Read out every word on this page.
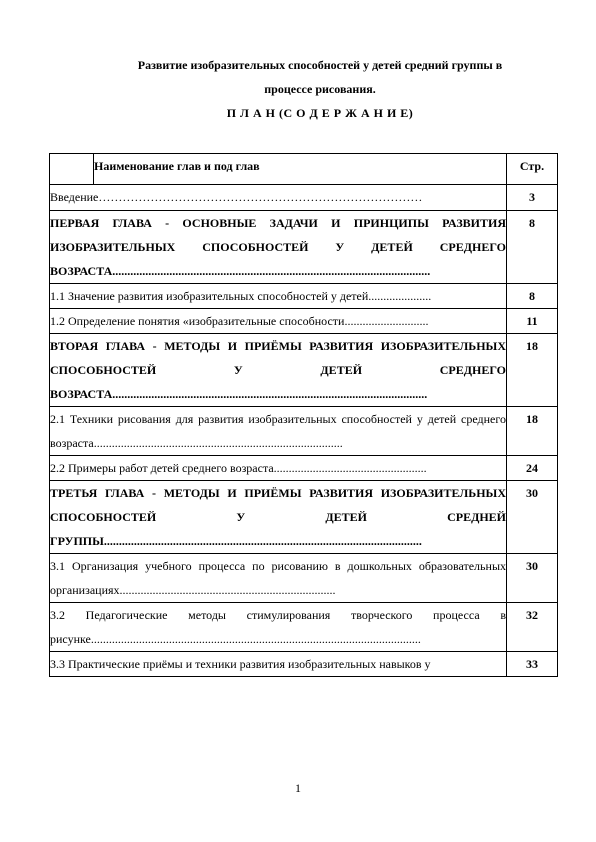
Развитие изобразительных способностей у детей средний группы в
процессе рисования.
П Л А Н (С О Д Е Р Ж А Н И Е)
	Наименование глав и под глав	Стр.
Введение………………………………………………………………………		3
ПЕРВАЯ ГЛАВА - ОСНОВНЫЕ ЗАДАЧИ И ПРИНЦИПЫ РАЗВИТИЯ ИЗОБРАЗИТЕЛЬНЫХ СПОСОБНОСТЕЙ У ДЕТЕЙ СРЕДНЕГО ВОЗРАСТА..........................................................................................................		8
1.1 Значение развития изобразительных способностей у детей.....................		8
1.2 Определение понятия «изобразительные способности............................		11
ВТОРАЯ ГЛАВА - МЕТОДЫ И ПРИЁМЫ РАЗВИТИЯ ИЗОБРАЗИТЕЛЬНЫХ СПОСОБНОСТЕЙ У ДЕТЕЙ СРЕДНЕГО ВОЗРАСТА.........................................................................................................		18
2.1 Техники рисования для развития изобразительных способностей у детей среднего возраста...................................................................................		18
2.2 Примеры работ детей среднего возраста...................................................		24
ТРЕТЬЯ ГЛАВА - МЕТОДЫ И ПРИЁМЫ РАЗВИТИЯ ИЗОБРАЗИТЕЛЬНЫХ СПОСОБНОСТЕЙ У ДЕТЕЙ СРЕДНЕЙ ГРУППЫ..........................................................................................................		30
3.1 Организация учебного процесса по рисованию в дошкольных образовательных организациях........................................................................		30
3.2 Педагогические методы стимулирования творческого процесса в рисунке..............................................................................................................		32
3.3 Практические приёмы и техники развития изобразительных навыков у		33
1
